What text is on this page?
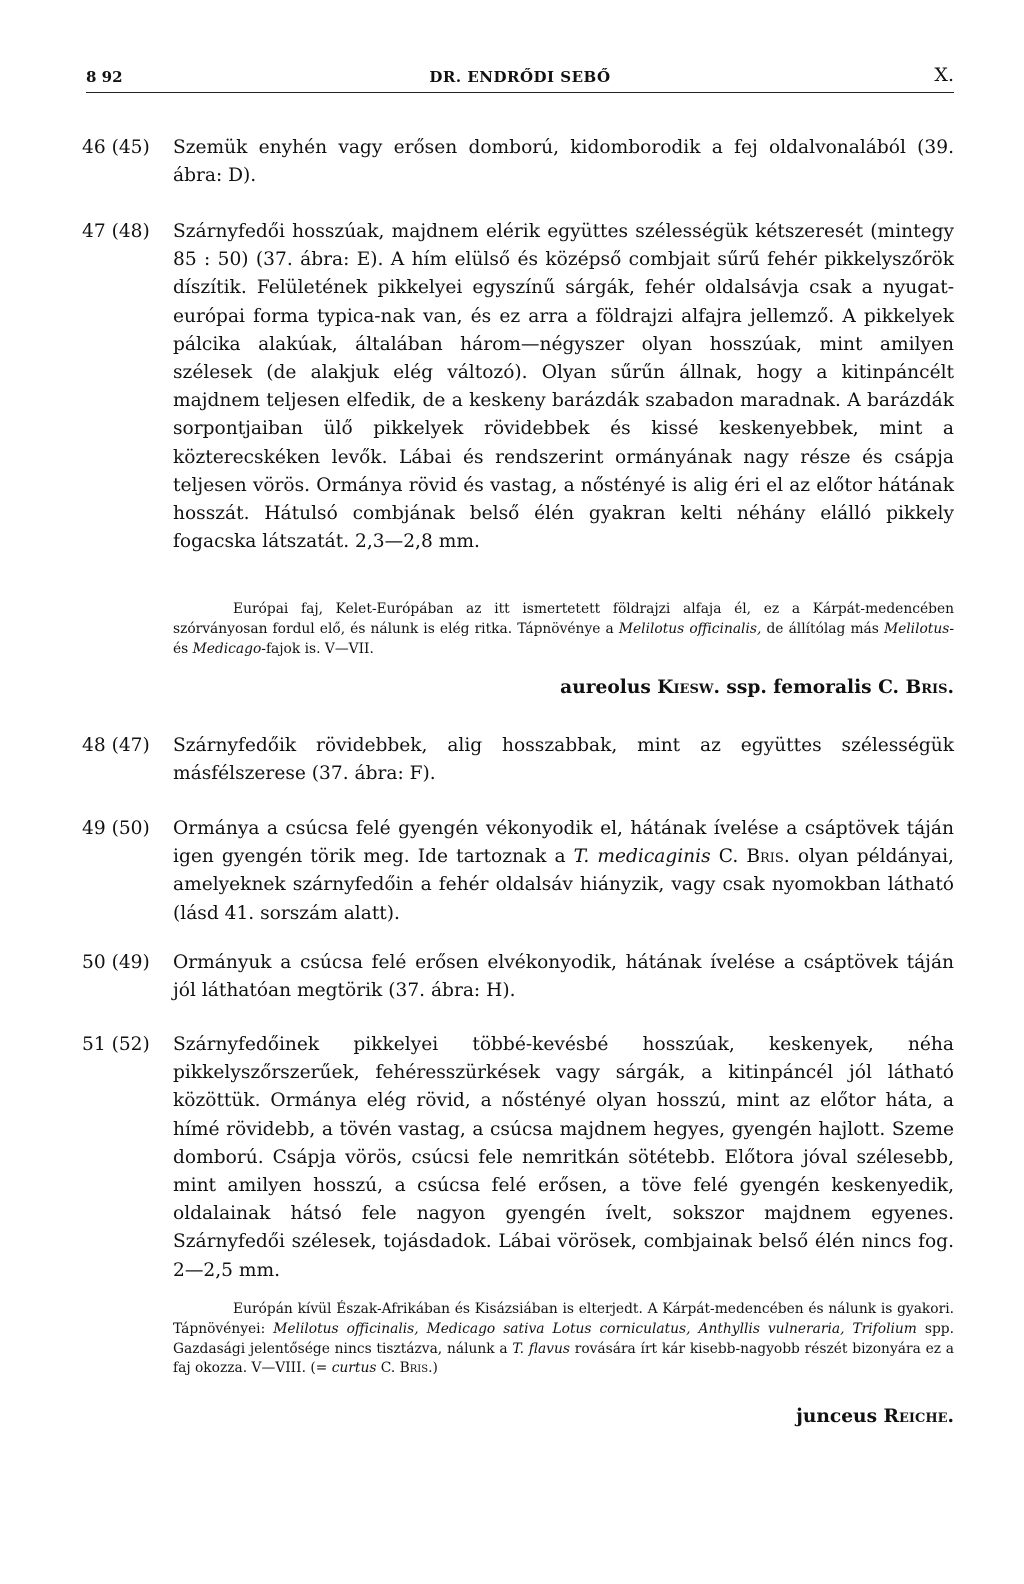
8 92	DR. ENDRŐDI SEBŐ	X.
46 (45) Szemük enyhén vagy erősen domború, kidomborodik a fej oldalvonalából (39. ábra: D).
47 (48) Szárnyfedői hosszúak, majdnem elérik együttes szélességük kétszeresét (mintegy 85 : 50) (37. ábra: E). A hím elülső és középső combjait sűrű fehér pikkelyszőrök díszítik. Felületének pikkelyei egyszínű sárgák, fehér oldalsávja csak a nyugat-európai forma typica-nak van, és ez arra a földrajzi alfajra jellemző. A pikkelyek pálcika alakúak, általában három—négyszer olyan hosszúak, mint amilyen szélesek (de alakjuk elég változó). Olyan sűrűn állnak, hogy a kitinpáncélt majdnem teljesen elfedik, de a keskeny barázdák szabadon maradnak. A barázdák sorpontjaiban ülő pikkelyek rövidebbek és kissé keskenyebbek, mint a közterecskéken levők. Lábai és rendszerint ormányának nagy része és csápja teljesen vörös. Ormánya rövid és vastag, a nőstényé is alig éri el az előtor hátának hosszát. Hátulsó combjának belső élén gyakran kelti néhány elálló pikkely fogacska látszatát. 2,3—2,8 mm.
Európai faj, Kelet-Európában az itt ismertetett földrajzi alfaja él, ez a Kárpát-medencében szórványosan fordul elő, és nálunk is elég ritka. Tápnövénye a Melilotus officinalis, de állítólag más Melilotus- és Medicago-fajok is. V—VII.
aureolus Kiesw. ssp. femoralis C. Bris.
48 (47) Szárnyfedőik rövidebbek, alig hosszabbak, mint az együttes szélességük másfélszerese (37. ábra: F).
49 (50) Ormánya a csúcsa felé gyengén vékonyodik el, hátának ívelése a csáptövek táján igen gyengén törik meg. Ide tartoznak a T. medicaginis C. Bris. olyan példányai, amelyeknek szárnyfedőin a fehér oldalsáv hiányzik, vagy csak nyomokban látható (lásd 41. sorszám alatt).
50 (49) Ormányuk a csúcsa felé erősen elvékonyodik, hátának ívelése a csáptövek táján jól láthatóan megtörik (37. ábra: H).
51 (52) Szárnyfedőinek pikkelyei többé-kevésbé hosszúak, keskenyek, néha pikkelyszőrszerűek, fehéresszürkések vagy sárgák, a kitinpáncél jól látható közöttük. Ormánya elég rövid, a nőstényé olyan hosszú, mint az előtor háta, a hímé rövidebb, a tövén vastag, a csúcsa majdnem hegyes, gyengén hajlott. Szeme domború. Csápja vörös, csúcsi fele nemritkán sötétebb. Előtora jóval szélesebb, mint amilyen hosszú, a csúcsa felé erősen, a töve felé gyengén keskenyedik, oldalainak hátsó fele nagyon gyengén ívelt, sokszor majdnem egyenes. Szárnyfedői szélesek, tojásdadok. Lábai vörösek, combjainak belső élén nincs fog. 2—2,5 mm.
Európán kívül Észak-Afrikában és Kisázsiában is elterjedt. A Kárpát-medencében és nálunk is gyakori. Tápnövényei: Melilotus officinalis, Medicago sativa Lotus corniculatus, Anthyllis vulneraria, Trifolium spp. Gazdasági jelentősége nincs tisztázva, nálunk a T. flavus rovására írt kár kisebb-nagyobb részét bizonyára ez a faj okozza. V—VIII. (= curtus C. Bris.)
junceus Reiche.
